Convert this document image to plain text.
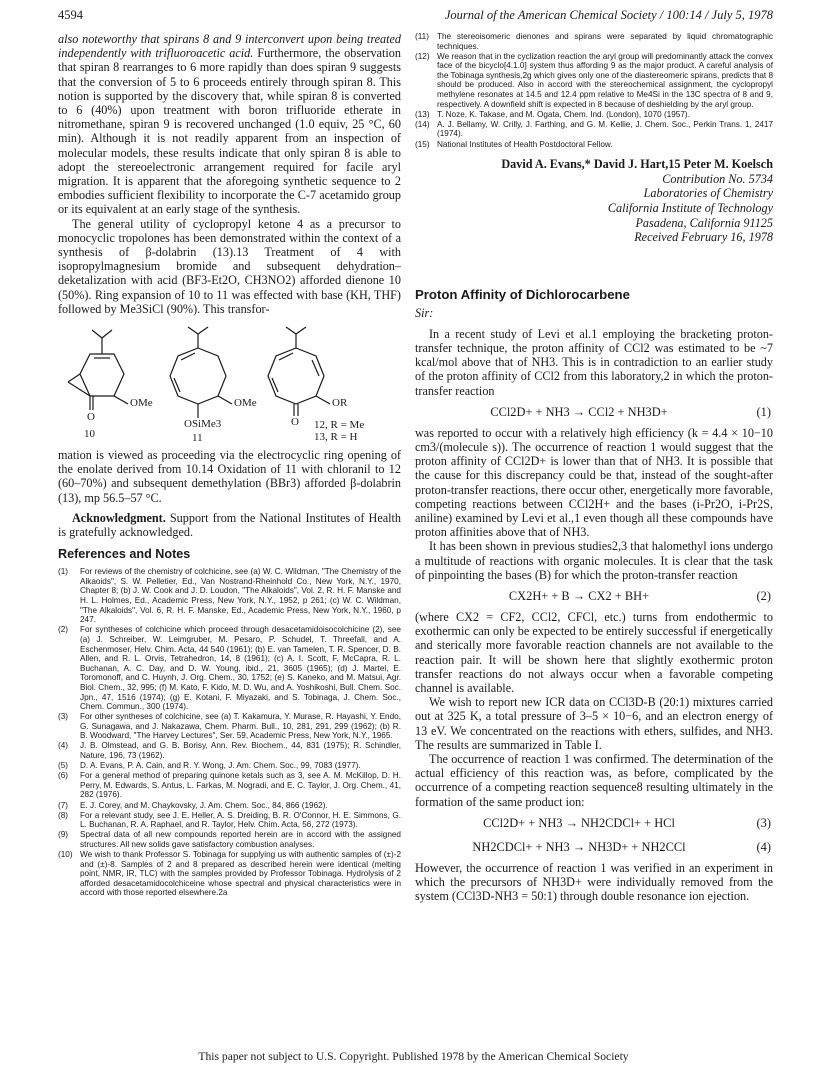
4594	Journal of the American Chemical Society / 100:14 / July 5, 1978

also noteworthy that spirans 8 and 9 interconvert upon being treated independently with trifluoroacetic acid. Furthermore, the observation that spiran 8 rearranges to 6 more rapidly than does spiran 9 suggests that the conversion of 5 to 6 proceeds entirely through spiran 8. This notion is supported by the discovery that, while spiran 8 is converted to 6 (40%) upon treatment with boron trifluoride etherate in nitromethane, spiran 9 is recovered unchanged (1.0 equiv, 25 °C, 60 min). Although it is not readily apparent from an inspection of molecular models, these results indicate that only spiran 8 is able to adopt the stereoelectronic arrangement required for facile aryl migration. It is apparent that the aforegoing synthetic sequence to 2 embodies sufficient flexibility to incorporate the C-7 acetamido group or its equivalent at an early stage of the synthesis.

The general utility of cyclopropyl ketone 4 as a precursor to monocyclic tropolones has been demonstrated within the context of a synthesis of β-dolabrin (13).13 Treatment of 4 with isopropylmagnesium bromide and subsequent dehydration–deketalization with acid (BF3-Et2O, CH3NO2) afforded dienone 10 (50%). Ring expansion of 10 to 11 was effected with base (KH, THF) followed by Me3SiCl (90%). This transfor-

OMe
O
10
OMe
OSiMe3
11
OR
O 12, R = Me
13, R = H

mation is viewed as proceeding via the electrocyclic ring opening of the enolate derived from 10.14 Oxidation of 11 with chloranil to 12 (60–70%) and subsequent demethylation (BBr3) afforded β-dolabrin (13), mp 56.5–57 °C.

Acknowledgment. Support from the National Institutes of Health is gratefully acknowledged.

References and Notes
(1) For reviews of the chemistry of colchicine, see (a) W. C. Wildman, "The Chemistry of the Alkaoids", S. W. Pelletier, Ed., Van Nostrand-Rheinhold Co., New York, N.Y., 1970, Chapter 8; (b) J. W. Cook and J. D. Loudon, "The Alkaloids", Vol. 2, R. H. F. Manske and H. L. Holmes, Ed., Academic Press, New York, N.Y., 1952, p 261; (c) W. C. Wildman, "The Alkaloids", Vol. 6, R. H. F. Manske, Ed., Academic Press, New York, N.Y., 1960, p 247.
(2) For syntheses of colchicine which proceed through desacetamidoisocolchicine (2), see (a) J. Schreiber, W. Leimgruber, M. Pesaro, P. Schudel, T. Threefall, and A. Eschenmoser, Helv. Chim. Acta, 44 540 (1961); (b) E. van Tamelen, T. R. Spencer, D. B. Allen, and R. L. Orvis, Tetrahedron, 14, 8 (1961); (c) A. I. Scott, F. McCapra, R. L. Buchanan, A. C. Day, and D. W. Young, ibid., 21, 3605 (1965); (d) J. Martel, E. Toromonoff, and C. Huynh, J. Org. Chem., 30, 1752; (e) S. Kaneko, and M. Matsui, Agr. Biol. Chem., 32, 995; (f) M. Kato, F. Kido, M. D. Wu, and A. Yoshikoshi, Bull. Chem. Soc. Jpn., 47, 1516 (1974); (g) E. Kotani, F. Miyazaki, and S. Tobinaga, J. Chem. Soc., Chem. Commun., 300 (1974).
(3) For other syntheses of colchicine, see (a) T. Kakamura, Y. Murase, R. Hayashi, Y. Endo, G. Sunagawa, and J. Nakazawa, Chem. Pharm. Bull., 10, 281, 291, 299 (1962); (b) R. B. Woodward, "The Harvey Lectures", Ser. 59, Academic Press, New York, N.Y., 1965.
(4) J. B. Olmstead, and G. B. Borisy, Ann. Rev. Biochem., 44, 831 (1975); R. Schindler, Nature, 196, 73 (1962).
(5) D. A. Evans, P. A. Cain, and R. Y. Wong, J. Am. Chem. Soc., 99, 7083 (1977).
(6) For a general method of preparing quinone ketals such as 3, see A. M. McKillop, D. H. Perry, M. Edwards, S. Antus, L. Farkas, M. Nogradi, and E. C. Taylor, J. Org. Chem., 41, 282 (1976).
(7) E. J. Corey, and M. Chaykovsky, J. Am. Chem. Soc., 84, 866 (1962).
(8) For a relevant study, see J. E. Heller, A. S. Dreiding, B. R. O'Connor, H. E. Simmons, G. L. Buchanan, R. A. Raphael, and R. Taylor, Helv. Chim. Acta, 56, 272 (1973).
(9) Spectral data of all new compounds reported herein are in accord with the assigned structures. All new solids gave satisfactory combustion analyses.
(10) We wish to thank Professor S. Tobinaga for supplying us with authentic samples of (±)-2 and (±)-8. Samples of 2 and 8 prepared as described herein were identical (melting point, NMR, IR, TLC) with the samples provided by Professor Tobinaga. Hydrolysis of 2 afforded desacetamidocolchiceine whose spectral and physical characteristics were in accord with those reported elsewhere.2a
(11) The stereoisomeric dienones and spirans were separated by liquid chromatographic techniques.
(12) We reason that in the cyclization reaction the aryl group will predominantly attack the convex face of the bicyclo[4.1.0] system thus affording 9 as the major product. A careful analysis of the Tobinaga synthesis,2g which gives only one of the diastereomeric spirans, predicts that 8 should be produced. Also in accord with the stereochemical assignment, the cyclopropyl methylene resonates at 14.5 and 12.4 ppm relative to Me4Si in the 13C spectra of 8 and 9, respectively. A downfield shift is expected in 8 because of deshielding by the aryl group.
(13) T. Noze, K. Takase, and M. Ogata, Chem. Ind. (London), 1070 (1957).
(14) A. J. Bellamy, W. Crilly, J. Farthing, and G. M. Kellie, J. Chem. Soc., Perkin Trans. 1, 2417 (1974).
(15) National Institutes of Health Postdoctoral Fellow.
David A. Evans,* David J. Hart,15 Peter M. Koelsch
Contribution No. 5734
Laboratories of Chemistry
California Institute of Technology
Pasadena, California 91125
Received February 16, 1978
Proton Affinity of Dichlorocarbene
Sir:

In a recent study of Levi et al.1 employing the bracketing proton-transfer technique, the proton affinity of CCl2 was estimated to be ~7 kcal/mol above that of NH3. This is in contradiction to an earlier study of the proton affinity of CCl2 from this laboratory,2 in which the proton-transfer reaction

CCl2D+ + NH3 → CCl2 + NH3D+	(1)

was reported to occur with a relatively high efficiency (k = 4.4 × 10−10 cm3/(molecule s)). The occurrence of reaction 1 would suggest that the proton affinity of CCl2D+ is lower than that of NH3. It is possible that the cause for this discrepancy could be that, instead of the sought-after proton-transfer reactions, there occur other, energetically more favorable, competing reactions between CCl2H+ and the bases (i-Pr2O, i-Pr2S, aniline) examined by Levi et al.,1 even though all these compounds have proton affinities above that of NH3.

It has been shown in previous studies2,3 that halomethyl ions undergo a multitude of reactions with organic molecules. It is clear that the task of pinpointing the bases (B) for which the proton-transfer reaction

CX2H+ + B → CX2 + BH+	(2)

(where CX2 = CF2, CCl2, CFCl, etc.) turns from endothermic to exothermic can only be expected to be entirely successful if energetically and sterically more favorable reaction channels are not available to the reaction pair. It will be shown here that slightly exothermic proton transfer reactions do not always occur when a favorable competing channel is available.

We wish to report new ICR data on CCl3D-B (20:1) mixtures carried out at 325 K, a total pressure of 3–5 × 10−6, and an electron energy of 13 eV. We concentrated on the reactions with ethers, sulfides, and NH3. The results are summarized in Table I.

The occurrence of reaction 1 was confirmed. The determination of the actual efficiency of this reaction was, as before, complicated by the occurrence of a competing reaction sequence8 resulting ultimately in the formation of the same product ion:

CCl2D+ + NH3 → NH2CDCl+ + HCl	(3)
NH2CDCl+ + NH3 → NH3D+ + NH2CCl	(4)

However, the occurrence of reaction 1 was verified in an experiment in which the precursors of NH3D+ were individually removed from the system (CCl3D-NH3 = 50:1) through double resonance ion ejection.

This paper not subject to U.S. Copyright. Published 1978 by the American Chemical Society
